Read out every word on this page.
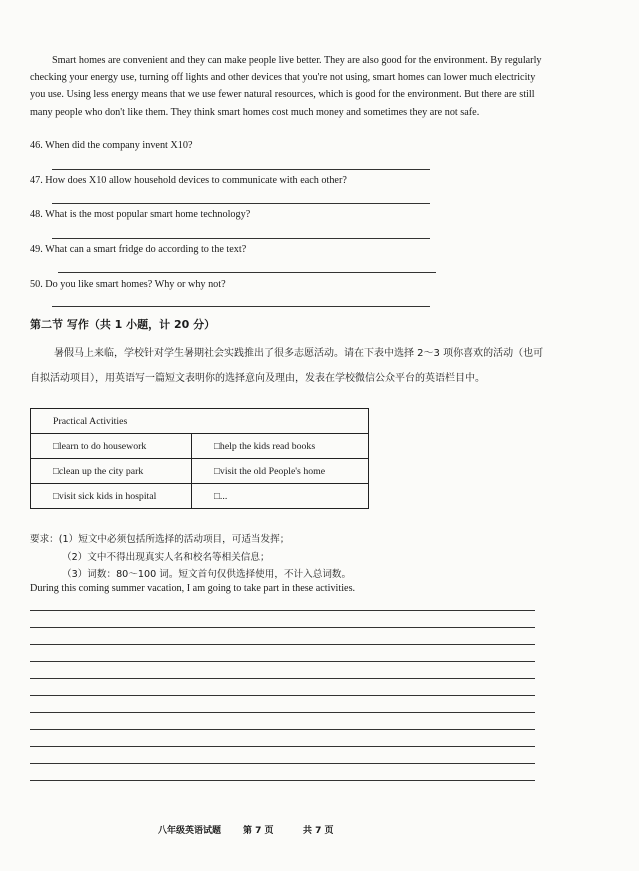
Smart homes are convenient and they can make people live better. They are also good for the environment. By regularly checking your energy use, turning off lights and other devices that you're not using, smart homes can lower much electricity you use. Using less energy means that we use fewer natural resources, which is good for the environment. But there are still many people who don't like them. They think smart homes cost much money and sometimes they are not safe.
46. When did the company invent X10?
47. How does X10 allow household devices to communicate with each other?
48. What is the most popular smart home technology?
49. What can a smart fridge do according to the text?
50. Do you like smart homes? Why or why not?
第二节 写作（共 1 小题，计 20 分）
暑假马上来临，学校针对学生暑期社会实践推出了很多志愿活动。请在下表中选择 2～3 项你喜欢的活动（也可自拟活动项目），用英语写一篇短文表明你的选择意向及理由，发表在学校微信公众平台的英语栏目中。
Practical Activities	
□learn to do housework	□help the kids read books
□clean up the city park	□visit the old People's home
□visit sick kids in hospital	□...
要求：(1）短文中必须包括所选择的活动项目，可适当发挥；
（2）文中不得出现真实人名和校名等相关信息；
（3）词数：80～100 词。短文首句仅供选择使用，不计入总词数。
During this coming summer vacation, I am going to take part in these activities.
八年级英语试题 第 7 页	共 7 页
